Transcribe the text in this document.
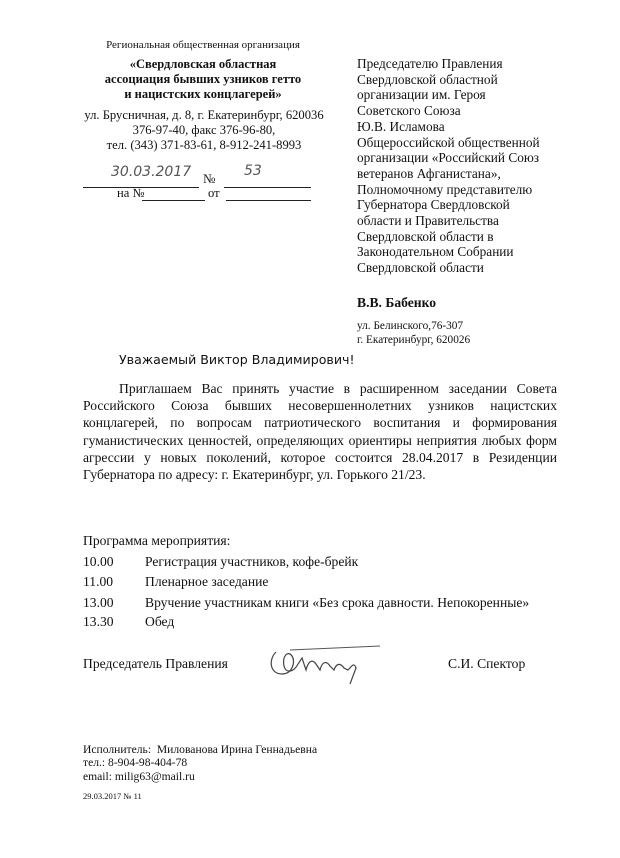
Региональная общественная организация
«Свердловская областная
ассоциация бывших узников гетто
и нацистских концлагерей»
ул. Брусничная, д. 8, г. Екатеринбург, 620036
376-97-40, факс 376-96-80,
тел. (343) 371-83-61, 8-912-241-8993
30.03.2017 № 53
на №	от
Председателю Правления
Свердловской областной
организации им. Героя
Советского Союза
Ю.В. Исламова
Общероссийской общественной
организации «Российский Союз
ветеранов Афганистана»,
Полномочному представителю
Губернатора Свердловской
области и Правительства
Свердловской области в
Законодательном Собрании
Свердловской области
В.В. Бабенко
ул. Белинского,76-307
г. Екатеринбург, 620026
Уважаемый Виктор Владимирович!
Приглашаем Вас принять участие в расширенном заседании Совета Российского Союза бывших несовершеннолетних узников нацистских концлагерей, по вопросам патриотического воспитания и формирования гуманистических ценностей, определяющих ориентиры неприятия любых форм агрессии у новых поколений, которое состоится 28.04.2017 в Резиденции Губернатора по адресу: г. Екатеринбург, ул. Горького 21/23.
Программа мероприятия:
10.00 Регистрация участников, кофе-брейк
11.00 Пленарное заседание
13.00 Вручение участникам книги «Без срока давности. Непокоренные»
13.30 Обед
Председатель Правления	С.И. Спектор
Исполнитель: Милованова Ирина Геннадьевна
тел.: 8-904-98-404-78
email: milig63@mail.ru
29.03.2017 № 11
